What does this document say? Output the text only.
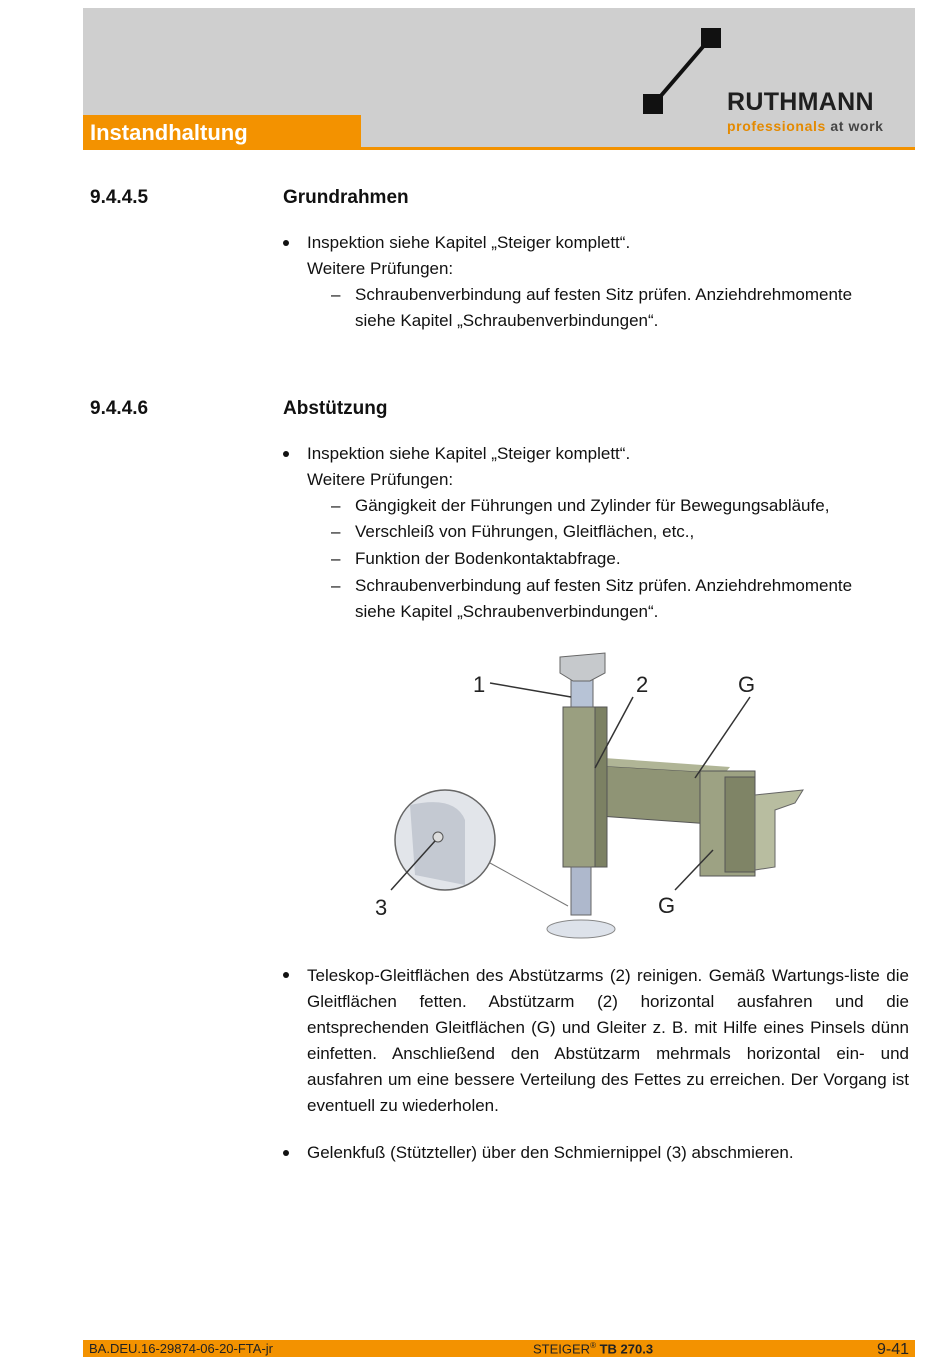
Instandhaltung
RUTHMANN
professionals at work
9.4.4.5	Grundrahmen
Inspektion siehe Kapitel „Steiger komplett“.
Weitere Prüfungen:
– Schraubenverbindung auf festen Sitz prüfen. Anziehdrehmomente
siehe Kapitel „Schraubenverbindungen“.
9.4.4.6	Abstützung
Inspektion siehe Kapitel „Steiger komplett“.
Weitere Prüfungen:
– Gängigkeit der Führungen und Zylinder für Bewegungsabläufe,
– Verschleiß von Führungen, Gleitflächen, etc.,
– Funktion der Bodenkontaktabfrage.
– Schraubenverbindung auf festen Sitz prüfen. Anziehdrehmomente
siehe Kapitel „Schraubenverbindungen“.
1	2	G
3	G
Teleskop-Gleitflächen des Abstützarms (2) reinigen. Gemäß Wartungs-liste die Gleitflächen fetten. Abstützarm (2) horizontal ausfahren und die entsprechenden Gleitflächen (G) und Gleiter z. B. mit Hilfe eines Pinsels dünn einfetten. Anschließend den Abstützarm mehrmals horizontal ein- und ausfahren um eine bessere Verteilung des Fettes zu erreichen. Der Vorgang ist eventuell zu wiederholen.
Gelenkfuß (Stützteller) über den Schmiernippel (3) abschmieren.
BA.DEU.16-29874-06-20-FTA-jr	STEIGER® TB 270.3	9-41
